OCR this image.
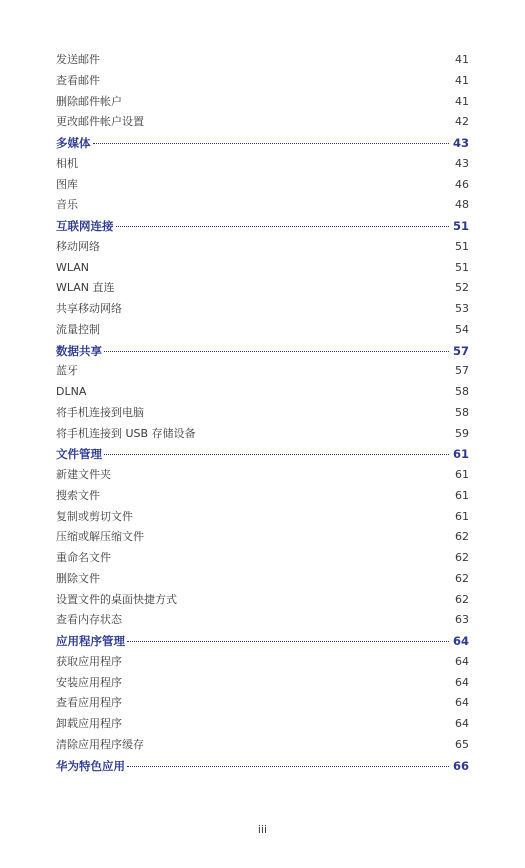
发送邮件	41
查看邮件	41
删除邮件帐户	41
更改邮件帐户设置	42
多媒体	43
相机	43
图库	46
音乐	48
互联网连接	51
移动网络	51
WLAN	51
WLAN 直连	52
共享移动网络	53
流量控制	54
数据共享	57
蓝牙	57
DLNA	58
将手机连接到电脑	58
将手机连接到 USB 存储设备	59
文件管理	61
新建文件夹	61
搜索文件	61
复制或剪切文件	61
压缩或解压缩文件	62
重命名文件	62
删除文件	62
设置文件的桌面快捷方式	62
查看内存状态	63
应用程序管理	64
获取应用程序	64
安装应用程序	64
查看应用程序	64
卸载应用程序	64
清除应用程序缓存	65
华为特色应用	66
iii
